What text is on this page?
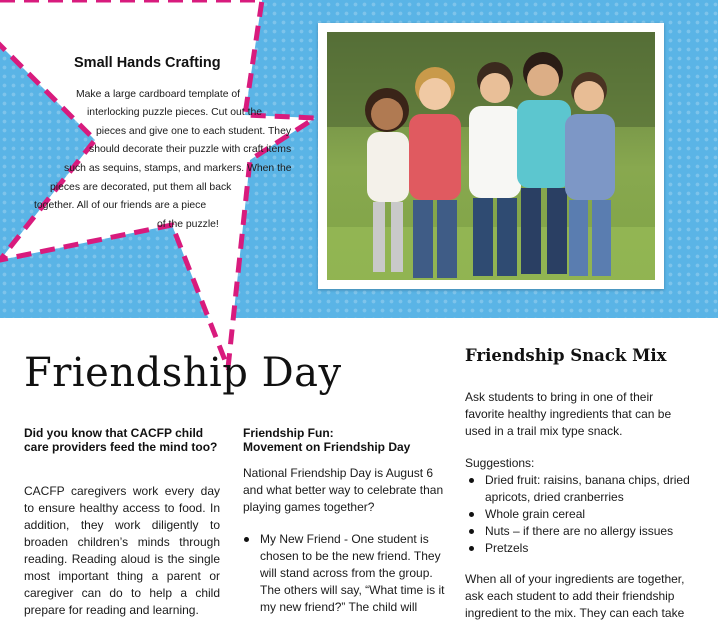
Small Hands Crafting
Make a large cardboard template of
interlocking puzzle pieces. Cut out the
pieces and give one to each student. They
should decorate their puzzle with craft items
such as sequins, stamps, and markers. When the
pieces are decorated, put them all back
together. All of our friends are a piece
of the puzzle!
Friendship Day
Did you know that CACFP child care providers feed the mind too?
CACFP caregivers work every day to ensure healthy access to food. In addition, they work diligently to broaden children’s minds through reading. Reading aloud is the single most important thing a parent or caregiver can do to help a child prepare for reading and learning.
Friendship Fun:
Movement on Friendship Day
National Friendship Day is August 6 and what better way to celebrate than playing games together?
My New Friend - One student is chosen to be the new friend. They will stand across from the group. The others will say, “What time is it my new friend?” The child will
Friendship Snack Mix
Ask students to bring in one of their favorite healthy ingredients that can be used in a trail mix type snack.
Suggestions:
Dried fruit: raisins, banana chips, dried apricots, dried cranberries
Whole grain cereal
Nuts – if there are no allergy issues
Pretzels
When all of your ingredients are together, ask each student to add their friendship ingredient to the mix. They can each take
